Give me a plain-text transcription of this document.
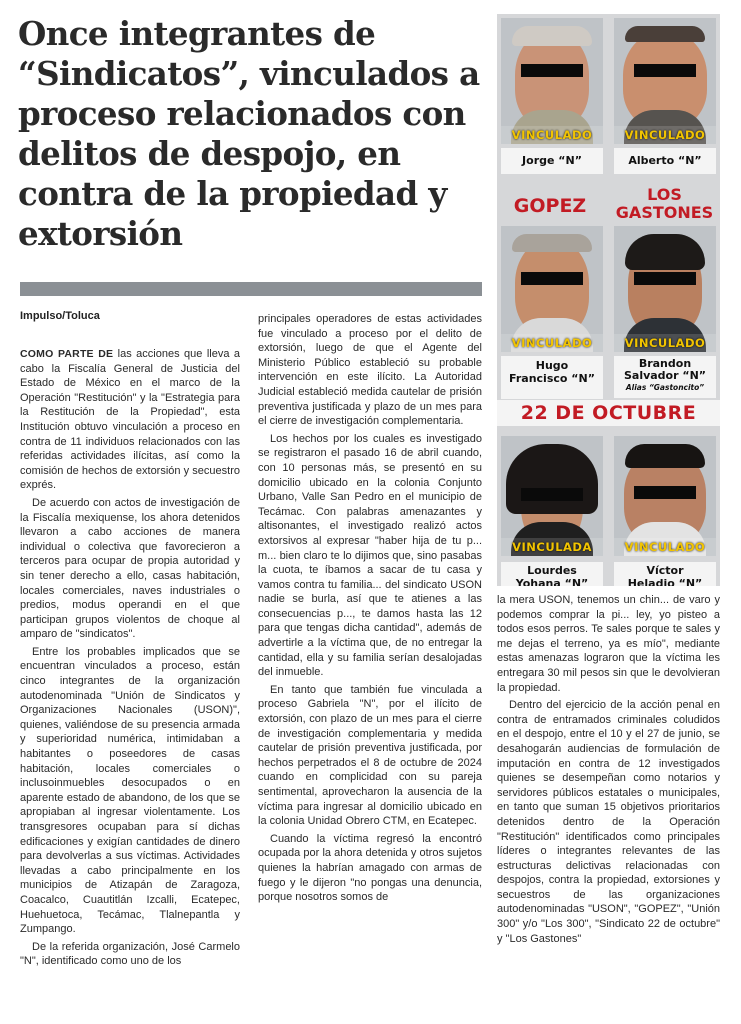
Once integrantes de “Sindicatos”, vinculados a proceso relacionados con delitos de despojo, en contra de la propiedad y extorsión
Impulso/Toluca

COMO PARTE DE las acciones que lleva a cabo la Fiscalía General de Justicia del Estado de México en el marco de la Operación "Restitución" y la "Estrategia para la Restitución de la Propiedad", esta Institución obtuvo vinculación a proceso en contra de 11 individuos relacionados con las referidas actividades ilícitas, así como la comisión de hechos de extorsión y secuestro exprés.

De acuerdo con actos de investigación de la Fiscalía mexiquense, los ahora detenidos llevaron a cabo acciones de manera individual o colectiva que favorecieron a terceros para ocupar de propia autoridad y sin tener derecho a ello, casas habitación, locales comerciales, naves industriales o predios, modus operandi en el que participan grupos violentos de choque al amparo de "sindicatos".

Entre los probables implicados que se encuentran vinculados a proceso, están cinco integrantes de la organización autodenominada "Unión de Sindicatos y Organizaciones Nacionales (USON)", quienes, valiéndose de su presencia armada y superioridad numérica, intimidaban a habitantes o poseedores de casas habitación, locales comerciales o inclusoinmuebles desocupados o en aparente estado de abandono, de los que se apropiaban al ingresar violentamente. Los transgresores ocupaban para sí dichas edificaciones y exigían cantidades de dinero para devolverlas a sus víctimas. Actividades llevadas a cabo principalmente en los municipios de Atizapán de Zaragoza, Coacalco, Cuautitlán Izcalli, Ecatepec, Huehuetoca, Tecámac, Tlalnepantla y Zumpango.

De la referida organización, José Carmelo "N", identificado como uno de los

principales operadores de estas actividades fue vinculado a proceso por el delito de extorsión, luego de que el Agente del Ministerio Público estableció su probable intervención en este ilícito. La Autoridad Judicial estableció medida cautelar de prisión preventiva justificada y plazo de un mes para el cierre de investigación complementaria.

Los hechos por los cuales es investigado se registraron el pasado 16 de abril cuando, con 10 personas más, se presentó en su domicilio ubicado en la colonia Conjunto Urbano, Valle San Pedro en el municipio de Tecámac. Con palabras amenazantes y altisonantes, el investigado realizó actos extorsivos al expresar "haber hija de tu p... m... bien claro te lo dijimos que, sino pasabas la cuota, te íbamos a sacar de tu casa y vamos contra tu familia... del sindicato USON nadie se burla, así que te atienes a las consecuencias p..., te damos hasta las 12 para que tengas dicha cantidad", además de advertirle a la víctima que, de no entregar la cantidad, ella y su familia serían desalojadas del inmueble.

En tanto que también fue vinculada a proceso Gabriela "N", por el ilícito de extorsión, con plazo de un mes para el cierre de investigación complementaria y medida cautelar de prisión preventiva justificada, por hechos perpetrados el 8 de octubre de 2024 cuando en complicidad con su pareja sentimental, aprovecharon la ausencia de la víctima para ingresar al domicilio ubicado en la colonia Unidad Obrero CTM, en Ecatepec.

Cuando la víctima regresó la encontró ocupada por la ahora detenida y otros sujetos quienes la habrían amagado con armas de fuego y le dijeron "no pongas una denuncia, porque nosotros somos de

la mera USON, tenemos un chin... de varo y podemos comprar la pi... ley, yo pisteo a todos esos perros. Te sales porque te sales y me dejas el terreno, ya es mío", mediante estas amenazas lograron que la víctima les entregara 30 mil pesos sin que le devolvieran la propiedad.

Dentro del ejercicio de la acción penal en contra de entramados criminales coludidos en el despojo, entre el 10 y el 27 de junio, se desahogarán audiencias de formulación de imputación en contra de 12 investigados quienes se desempeñan como notarios y servidores públicos estatales o municipales, en tanto que suman 15 objetivos prioritarios detenidos dentro de la Operación "Restitución" identificados como principales líderes o integrantes relevantes de las estructuras delictivas relacionadas con despojos, contra la propiedad, extorsiones y secuestros de las organizaciones autodenominadas "USON", "GOPEZ", "Unión 300" y/o "Los 300", "Sindicato 22 de octubre" y "Los Gastones"

VINCULADO
Jorge “N”
VINCULADO
Alberto “N”
GOPEZ
LOS
GASTONES
VINCULADO
Hugo
Francisco “N”
VINCULADO
Brandon
Salvador “N”
Alias “Gastoncito”
22 DE OCTUBRE
VINCULADA
Lourdes
Yohana “N”
VINCULADO
Víctor
Heladio “N”
